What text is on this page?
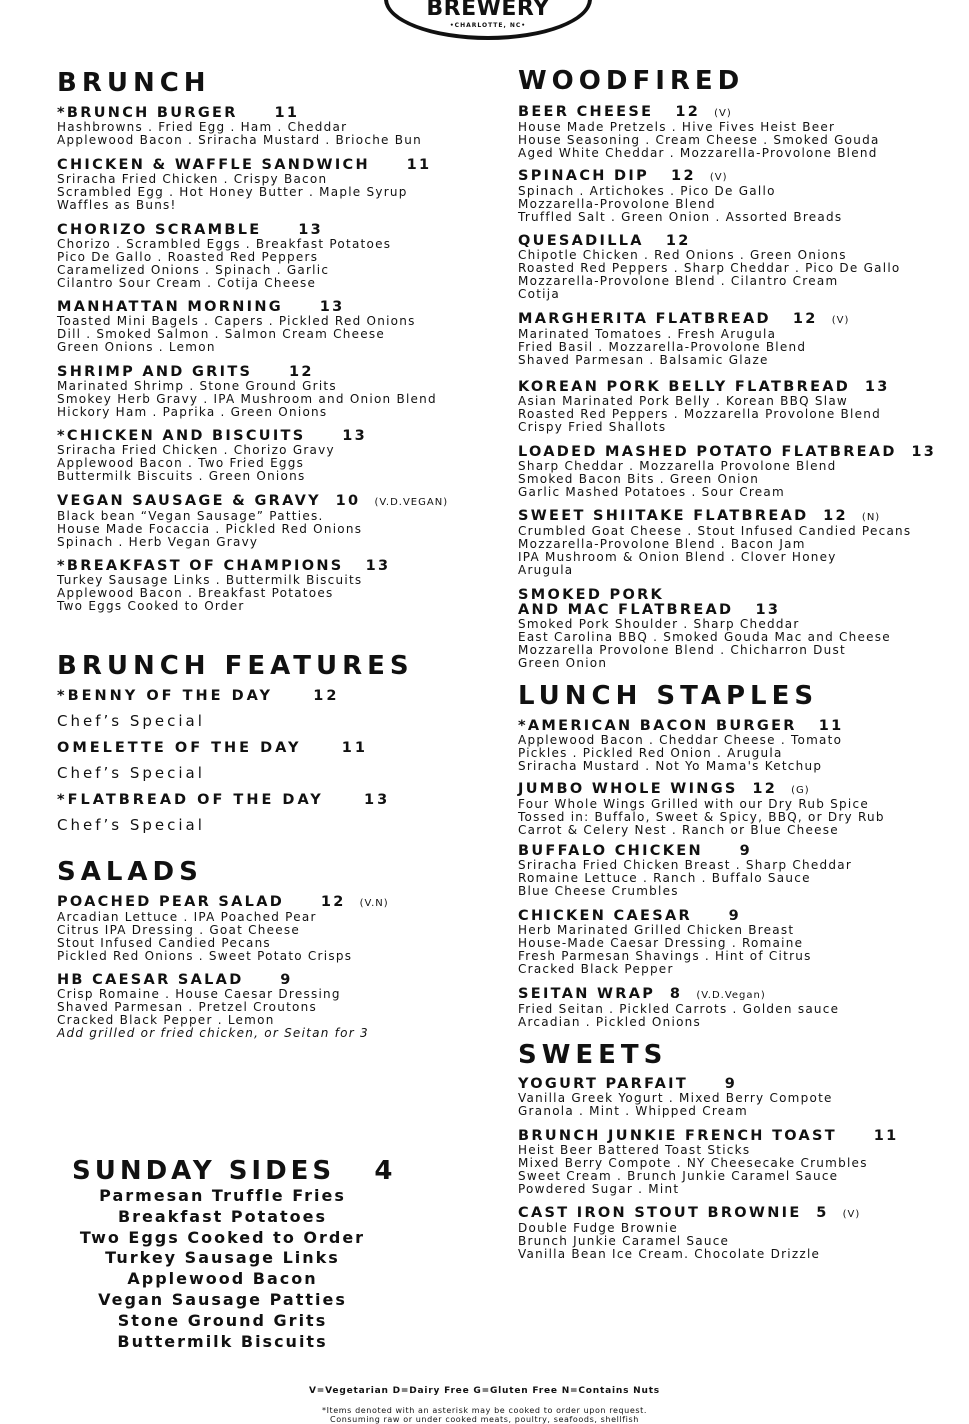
BREWERY
•CHARLOTTE, NC•
BRUNCH
*BRUNCH BURGER     11
Hashbrowns . Fried Egg . Ham . Cheddar
Applewood Bacon . Sriracha Mustard . Brioche Bun
CHICKEN & WAFFLE SANDWICH     11
Sriracha Fried Chicken . Crispy Bacon
Scrambled Egg . Hot Honey Butter . Maple Syrup
Waffles as Buns!
CHORIZO SCRAMBLE     13
Chorizo . Scrambled Eggs . Breakfast Potatoes
Pico De Gallo . Roasted Red Peppers
Caramelized Onions . Spinach . Garlic
Cilantro Sour Cream . Cotija Cheese
MANHATTAN MORNING     13
Toasted Mini Bagels . Capers . Pickled Red Onions
Dill . Smoked Salmon . Salmon Cream Cheese
Green Onions . Lemon
SHRIMP AND GRITS     12
Marinated Shrimp . Stone Ground Grits
Smokey Herb Gravy . IPA Mushroom and Onion Blend
Hickory Ham . Paprika . Green Onions
*CHICKEN AND BISCUITS     13
Sriracha Fried Chicken . Chorizo Gravy
Applewood Bacon . Two Fried Eggs
Buttermilk Biscuits . Green Onions
VEGAN SAUSAGE & GRAVY  10 (V.D.VEGAN)
Black bean “Vegan Sausage” Patties.
House Made Focaccia . Pickled Red Onions
Spinach . Herb Vegan Gravy
*BREAKFAST OF CHAMPIONS   13
Turkey Sausage Links . Buttermilk Biscuits
Applewood Bacon . Breakfast Potatoes
Two Eggs Cooked to Order
BRUNCH FEATURES
*BENNY OF THE DAY     12
Chef’s Special
OMELETTE OF THE DAY     11
Chef’s Special
*FLATBREAD OF THE DAY     13
Chef’s Special
SALADS
POACHED PEAR SALAD     12 (V.N)
Arcadian Lettuce . IPA Poached Pear
Citrus IPA Dressing . Goat Cheese
Stout Infused Candied Pecans
Pickled Red Onions . Sweet Potato Crisps
HB CAESAR SALAD     9
Crisp Romaine . House Caesar Dressing
Shaved Parmesan . Pretzel Croutons
Cracked Black Pepper . Lemon
Add grilled or fried chicken, or Seitan for 3
SUNDAY SIDES   4
Parmesan Truffle Fries
Breakfast Potatoes
Two Eggs Cooked to Order
Turkey Sausage Links
Applewood Bacon
Vegan Sausage Patties
Stone Ground Grits
Buttermilk Biscuits
WOODFIRED
BEER CHEESE   12 (V)
House Made Pretzels . Hive Fives Heist Beer
House Seasoning . Cream Cheese . Smoked Gouda
Aged White Cheddar . Mozzarella-Provolone Blend
SPINACH DIP   12 (V)
Spinach . Artichokes . Pico De Gallo
Mozzarella-Provolone Blend
Truffled Salt . Green Onion . Assorted Breads
QUESADILLA   12
Chipotle Chicken . Red Onions . Green Onions
Roasted Red Peppers . Sharp Cheddar . Pico De Gallo
Mozzarella-Provolone Blend . Cilantro Cream
Cotija
MARGHERITA FLATBREAD   12 (V)
Marinated Tomatoes . Fresh Arugula
Fried Basil . Mozzarella-Provolone Blend
Shaved Parmesan . Balsamic Glaze
KOREAN PORK BELLY FLATBREAD  13
Asian Marinated Pork Belly . Korean BBQ Slaw
Roasted Red Peppers . Mozzarella Provolone Blend
Crispy Fried Shallots
LOADED MASHED POTATO FLATBREAD  13
Sharp Cheddar . Mozzarella Provolone Blend
Smoked Bacon Bits . Green Onion
Garlic Mashed Potatoes . Sour Cream
SWEET SHIITAKE FLATBREAD  12 (N)
Crumbled Goat Cheese . Stout Infused Candied Pecans
Mozzarella-Provolone Blend . Bacon Jam
IPA Mushroom & Onion Blend . Clover Honey
Arugula
SMOKED PORK
AND MAC FLATBREAD   13
Smoked Pork Shoulder . Sharp Cheddar
East Carolina BBQ . Smoked Gouda Mac and Cheese
Mozzarella Provolone Blend . Chicharron Dust
Green Onion
LUNCH STAPLES
*AMERICAN BACON BURGER   11
Applewood Bacon . Cheddar Cheese . Tomato
Pickles . Pickled Red Onion . Arugula
Sriracha Mustard . Not Yo Mama's Ketchup
JUMBO WHOLE WINGS  12 (G)
Four Whole Wings Grilled with our Dry Rub Spice
Tossed in: Buffalo, Sweet & Spicy, BBQ, or Dry Rub
Carrot & Celery Nest . Ranch or Blue Cheese
BUFFALO CHICKEN     9
Sriracha Fried Chicken Breast . Sharp Cheddar
Romaine Lettuce . Ranch . Buffalo Sauce
Blue Cheese Crumbles
CHICKEN CAESAR     9
Herb Marinated Grilled Chicken Breast
House-Made Caesar Dressing . Romaine
Fresh Parmesan Shavings . Hint of Citrus
Cracked Black Pepper
SEITAN WRAP  8 (V.D.Vegan)
Fried Seitan . Pickled Carrots . Golden sauce
Arcadian . Pickled Onions
SWEETS
YOGURT PARFAIT     9
Vanilla Greek Yogurt . Mixed Berry Compote
Granola . Mint . Whipped Cream
BRUNCH JUNKIE FRENCH TOAST     11
Heist Beer Battered Toast Sticks
Mixed Berry Compote . NY Cheesecake Crumbles
Sweet Cream . Brunch Junkie Caramel Sauce
Powdered Sugar . Mint
CAST IRON STOUT BROWNIE  5 (V)
Double Fudge Brownie
Brunch Junkie Caramel Sauce
Vanilla Bean Ice Cream. Chocolate Drizzle
V=Vegetarian D=Dairy Free G=Gluten Free N=Contains Nuts
*Items denoted with an asterisk may be cooked to order upon request.
Consuming raw or under cooked meats, poultry, seafoods, shellfish
